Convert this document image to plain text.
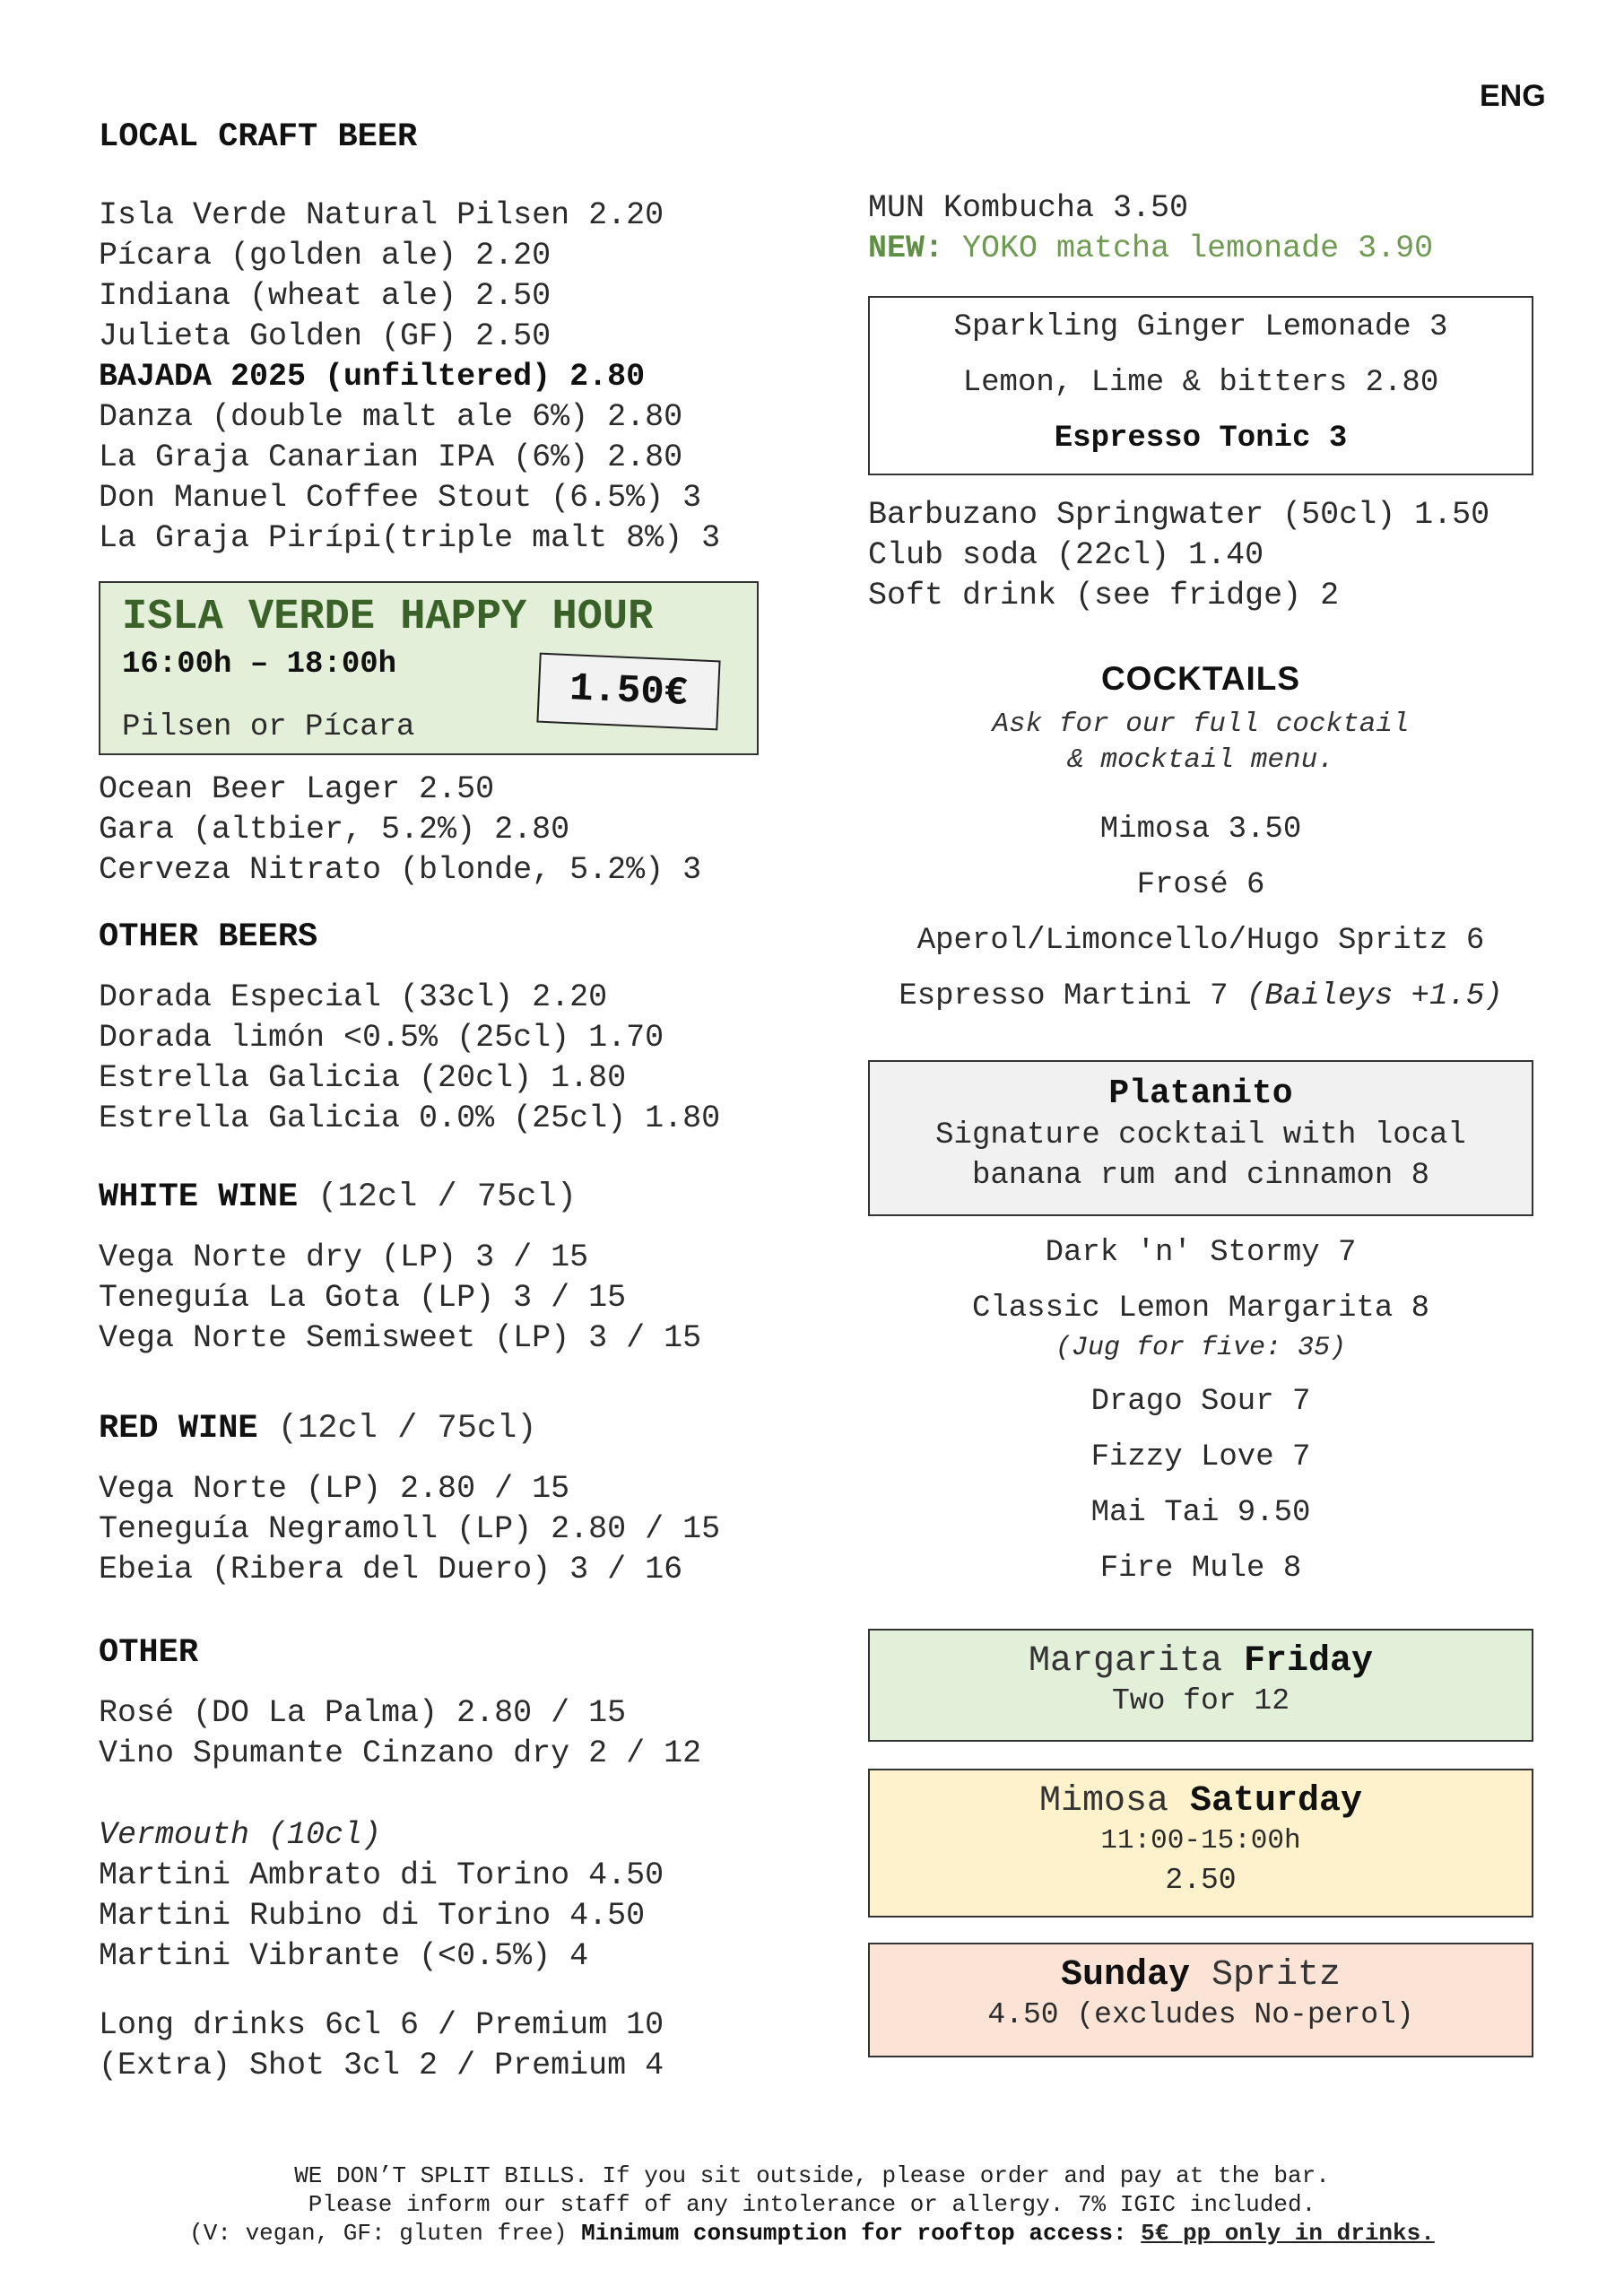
ENG
LOCAL CRAFT BEER
Isla Verde Natural Pilsen 2.20
Pícara (golden ale) 2.20
Indiana (wheat ale) 2.50
Julieta Golden (GF) 2.50
BAJADA 2025 (unfiltered) 2.80
Danza (double malt ale 6%) 2.80
La Graja Canarian IPA (6%) 2.80
Don Manuel Coffee Stout (6.5%) 3
La Graja Pirípi(triple malt 8%) 3
ISLA VERDE HAPPY HOUR
16:00h – 18:00h
Pilsen or Pícara
1.50€
Ocean Beer Lager 2.50
Gara (altbier, 5.2%) 2.80
Cerveza Nitrato (blonde, 5.2%) 3
OTHER BEERS
Dorada Especial (33cl) 2.20
Dorada limón <0.5% (25cl) 1.70
Estrella Galicia (20cl) 1.80
Estrella Galicia 0.0% (25cl) 1.80
WHITE WINE (12cl / 75cl)
Vega Norte dry (LP) 3 / 15
Teneguía La Gota (LP) 3 / 15
Vega Norte Semisweet (LP) 3 / 15
RED WINE (12cl / 75cl)
Vega Norte (LP) 2.80 / 15
Teneguía Negramoll (LP) 2.80 / 15
Ebeia (Ribera del Duero) 3 / 16
OTHER
Rosé (DO La Palma) 2.80 / 15
Vino Spumante Cinzano dry 2 / 12
Vermouth (10cl)
Martini Ambrato di Torino 4.50
Martini Rubino di Torino 4.50
Martini Vibrante (<0.5%) 4
Long drinks 6cl 6 / Premium 10
(Extra) Shot 3cl 2 / Premium 4
MUN Kombucha 3.50
NEW: YOKO matcha lemonade 3.90
Sparkling Ginger Lemonade 3
Lemon, Lime & bitters 2.80
Espresso Tonic 3
Barbuzano Springwater (50cl) 1.50
Club soda (22cl) 1.40
Soft drink (see fridge) 2
COCKTAILS
Ask for our full cocktail
& mocktail menu.
Mimosa 3.50
Frosé 6
Aperol/Limoncello/Hugo Spritz 6
Espresso Martini 7 (Baileys +1.5)
Platanito
Signature cocktail with local
banana rum and cinnamon 8
Dark 'n' Stormy 7
Classic Lemon Margarita 8
(Jug for five: 35)
Drago Sour 7
Fizzy Love 7
Mai Tai 9.50
Fire Mule 8
Margarita Friday
Two for 12
Mimosa Saturday
11:00-15:00h
2.50
Sunday Spritz
4.50 (excludes No-perol)
WE DON’T SPLIT BILLS. If you sit outside, please order and pay at the bar.
Please inform our staff of any intolerance or allergy. 7% IGIC included.
(V: vegan, GF: gluten free) Minimum consumption for rooftop access: 5€ pp only in drinks.
